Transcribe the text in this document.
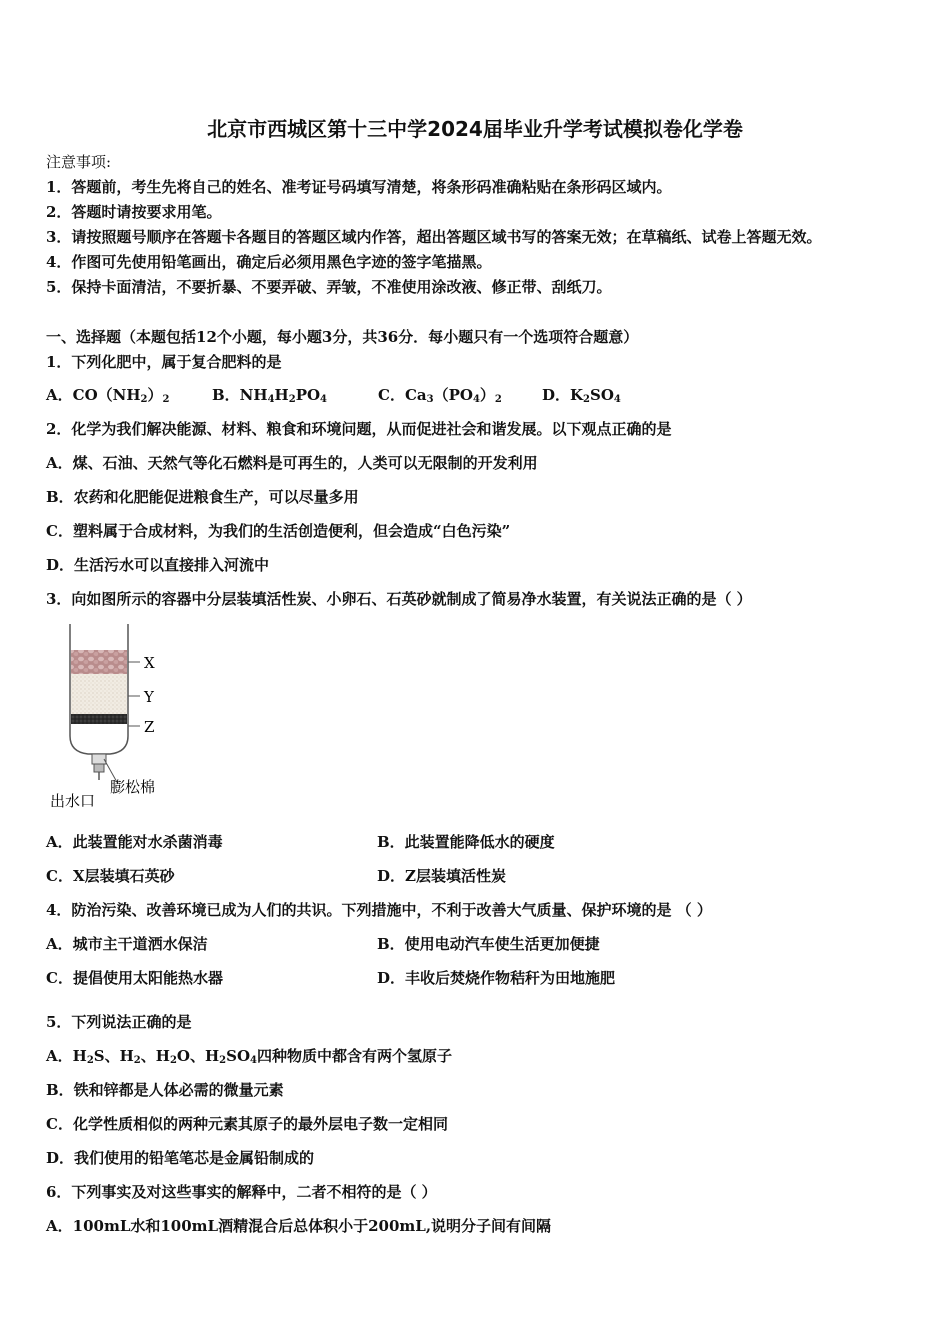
北京市西城区第十三中学2024届毕业升学考试模拟卷化学卷
注意事项:
1．答题前，考生先将自己的姓名、准考证号码填写清楚，将条形码准确粘贴在条形码区域内。
2．答题时请按要求用笔。
3．请按照题号顺序在答题卡各题目的答题区域内作答，超出答题区域书写的答案无效；在草稿纸、试卷上答题无效。
4．作图可先使用铅笔画出，确定后必须用黑色字迹的签字笔描黑。
5．保持卡面清洁，不要折暴、不要弄破、弄皱，不准使用涂改液、修正带、刮纸刀。
一、选择题（本题包括12个小题，每小题3分，共36分．每小题只有一个选项符合题意）
1．下列化肥中，属于复合肥料的是
A．$CO(NH_2)_2$	B．$NH_4H_2PO_4$	C．$Ca_3(PO_4)_2$	D．$K_2SO_4$
2．化学为我们解决能源、材料、粮食和环境问题，从而促进社会和谐发展。以下观点正确的是
A．煤、石油、天然气等化石燃料是可再生的，人类可以无限制的开发利用
B．农药和化肥能促进粮食生产，可以尽量多用
C．塑料属于合成材料，为我们的生活创造便利，但会造成“白色污染”
D．生活污水可以直接排入河流中
3．向如图所示的容器中分层装填活性炭、小卵石、石英砂就制成了简易净水装置，有关说法正确的是（ ）
X
Y
Z
膨松棉
出水口
A．此装置能对水杀菌消毒	B．此装置能降低水的硬度
C．X层装填石英砂	D．Z层装填活性炭
4．防治污染、改善环境已成为人们的共识。下列措施中，不利于改善大气质量、保护环境的是 （ ）
A．城市主干道洒水保洁	B．使用电动汽车使生活更加便捷
C．提倡使用太阳能热水器	D．丰收后焚烧作物秸秆为田地施肥
5．下列说法正确的是
A．$H_2S$、$H_2$、$H_2O$、$H_2SO_4$四种物质中都含有两个氢原子
B．铁和锌都是人体必需的微量元素
C．化学性质相似的两种元素其原子的最外层电子数一定相同
D．我们使用的铅笔笔芯是金属铅制成的
6．下列事实及对这些事实的解释中，二者不相符的是（ ）
A．100mL水和100mL酒精混合后总体积小于200mL,说明分子间有间隔
